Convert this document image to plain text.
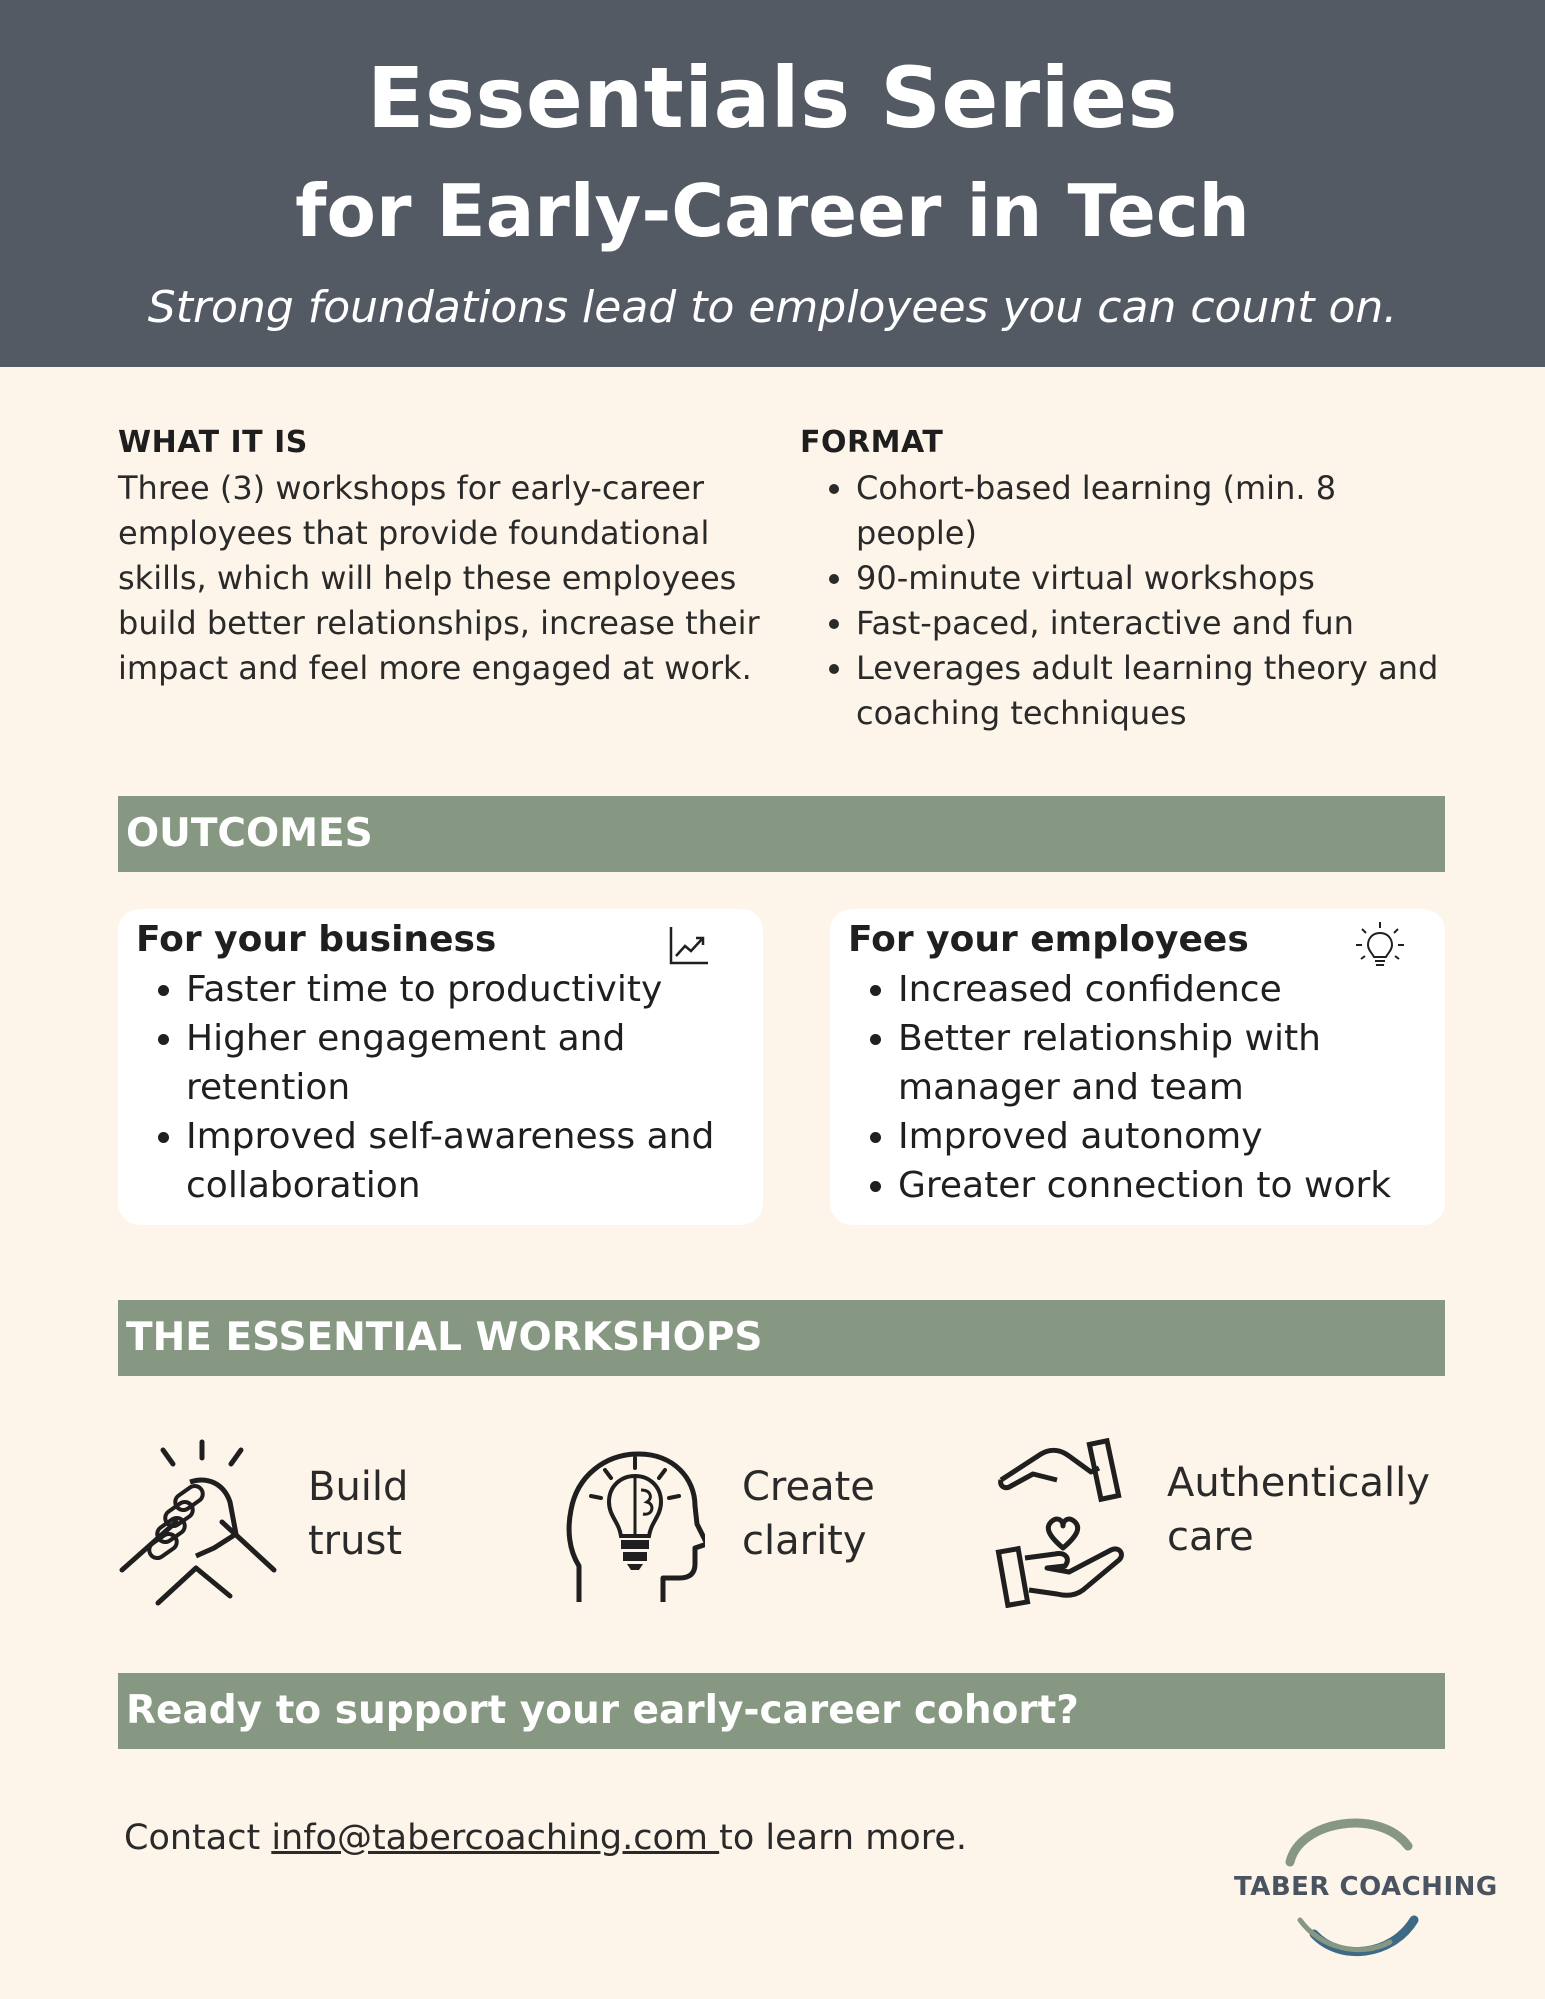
Essentials Series
for Early-Career in Tech
Strong foundations lead to employees you can count on.
WHAT IT IS
Three (3) workshops for early-career employees that provide foundational skills, which will help these employees build better relationships, increase their impact and feel more engaged at work.
FORMAT
• Cohort-based learning (min. 8 people)
• 90-minute virtual workshops
• Fast-paced, interactive and fun
• Leverages adult learning theory and coaching techniques
OUTCOMES
For your business
• Faster time to productivity
• Higher engagement and retention
• Improved self-awareness and collaboration
For your employees
• Increased confidence
• Better relationship with manager and team
• Improved autonomy
• Greater connection to work
THE ESSENTIAL WORKSHOPS
Build
trust
Create
clarity
Authentically
care
Ready to support your early-career cohort?
Contact info@tabercoaching.com to learn more.
TABER COACHING
